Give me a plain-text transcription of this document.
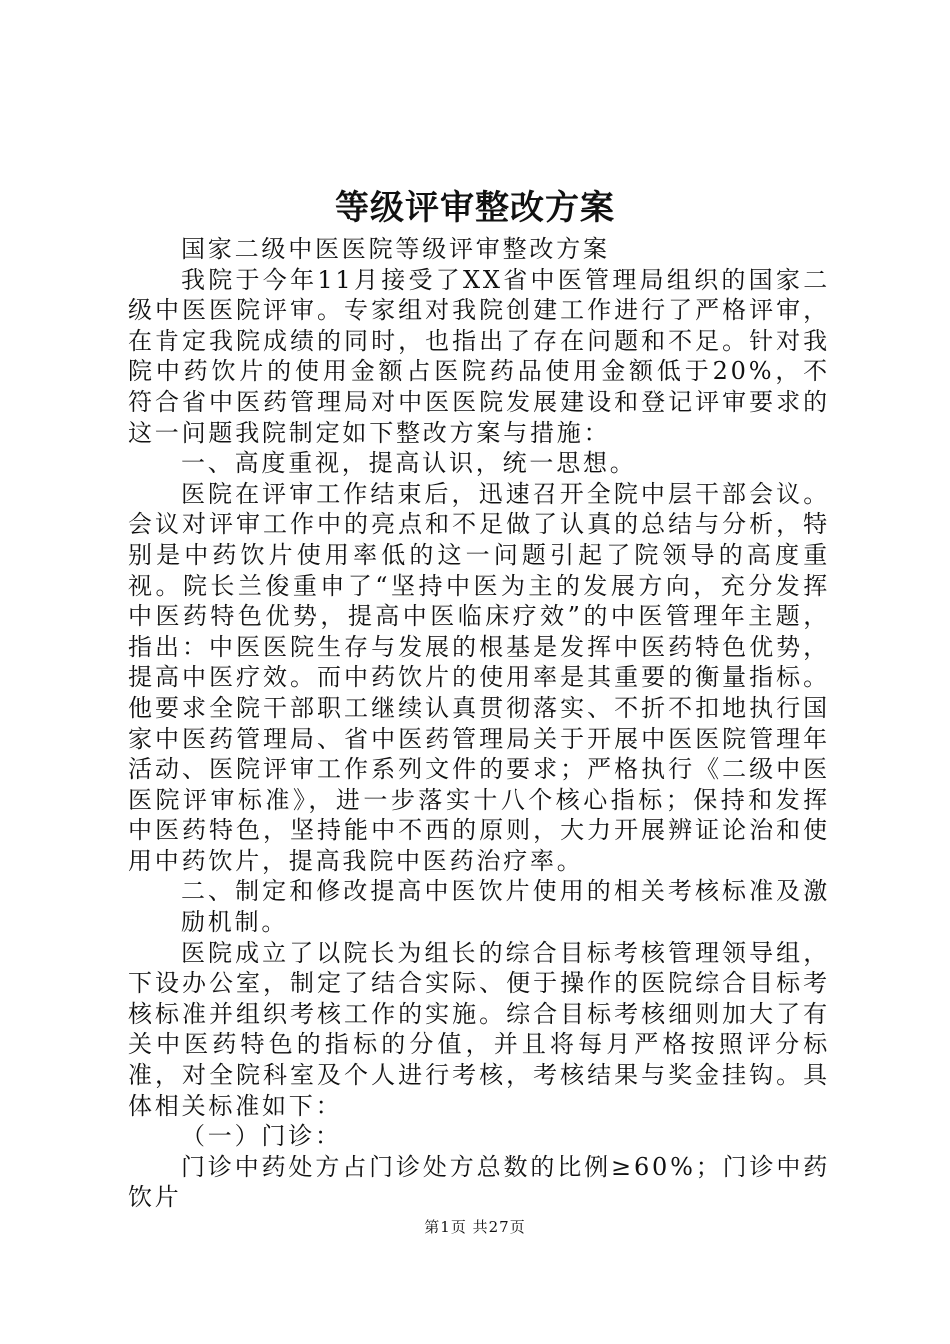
等级评审整改方案

国家二级中医医院等级评审整改方案

我院于今年11月接受了XX省中医管理局组织的国家二级中医医院评审。专家组对我院创建工作进行了严格评审，在肯定我院成绩的同时，也指出了存在问题和不足。针对我院中药饮片的使用金额占医院药品使用金额低于20%，不符合省中医药管理局对中医医院发展建设和登记评审要求的这一问题我院制定如下整改方案与措施：

一、高度重视，提高认识，统一思想。

医院在评审工作结束后，迅速召开全院中层干部会议。会议对评审工作中的亮点和不足做了认真的总结与分析，特别是中药饮片使用率低的这一问题引起了院领导的高度重视。院长兰俊重申了“坚持中医为主的发展方向，充分发挥中医药特色优势，提高中医临床疗效”的中医管理年主题，指出：中医医院生存与发展的根基是发挥中医药特色优势，提高中医疗效。而中药饮片的使用率是其重要的衡量指标。他要求全院干部职工继续认真贯彻落实、不折不扣地执行国家中医药管理局、省中医药管理局关于开展中医医院管理年活动、医院评审工作系列文件的要求；严格执行《二级中医医院评审标准》，进一步落实十八个核心指标；保持和发挥中医药特色，坚持能中不西的原则，大力开展辨证论治和使用中药饮片，提高我院中医药治疗率。

二、制定和修改提高中医饮片使用的相关考核标准及激励机制。

医院成立了以院长为组长的综合目标考核管理领导组，下设办公室，制定了结合实际、便于操作的医院综合目标考核标准并组织考核工作的实施。综合目标考核细则加大了有关中医药特色的指标的分值，并且将每月严格按照评分标准，对全院科室及个人进行考核，考核结果与奖金挂钩。具体相关标准如下：

（一）门诊：

门诊中药处方占门诊处方总数的比例≥60%；门诊中药饮片

第1页 共27页
